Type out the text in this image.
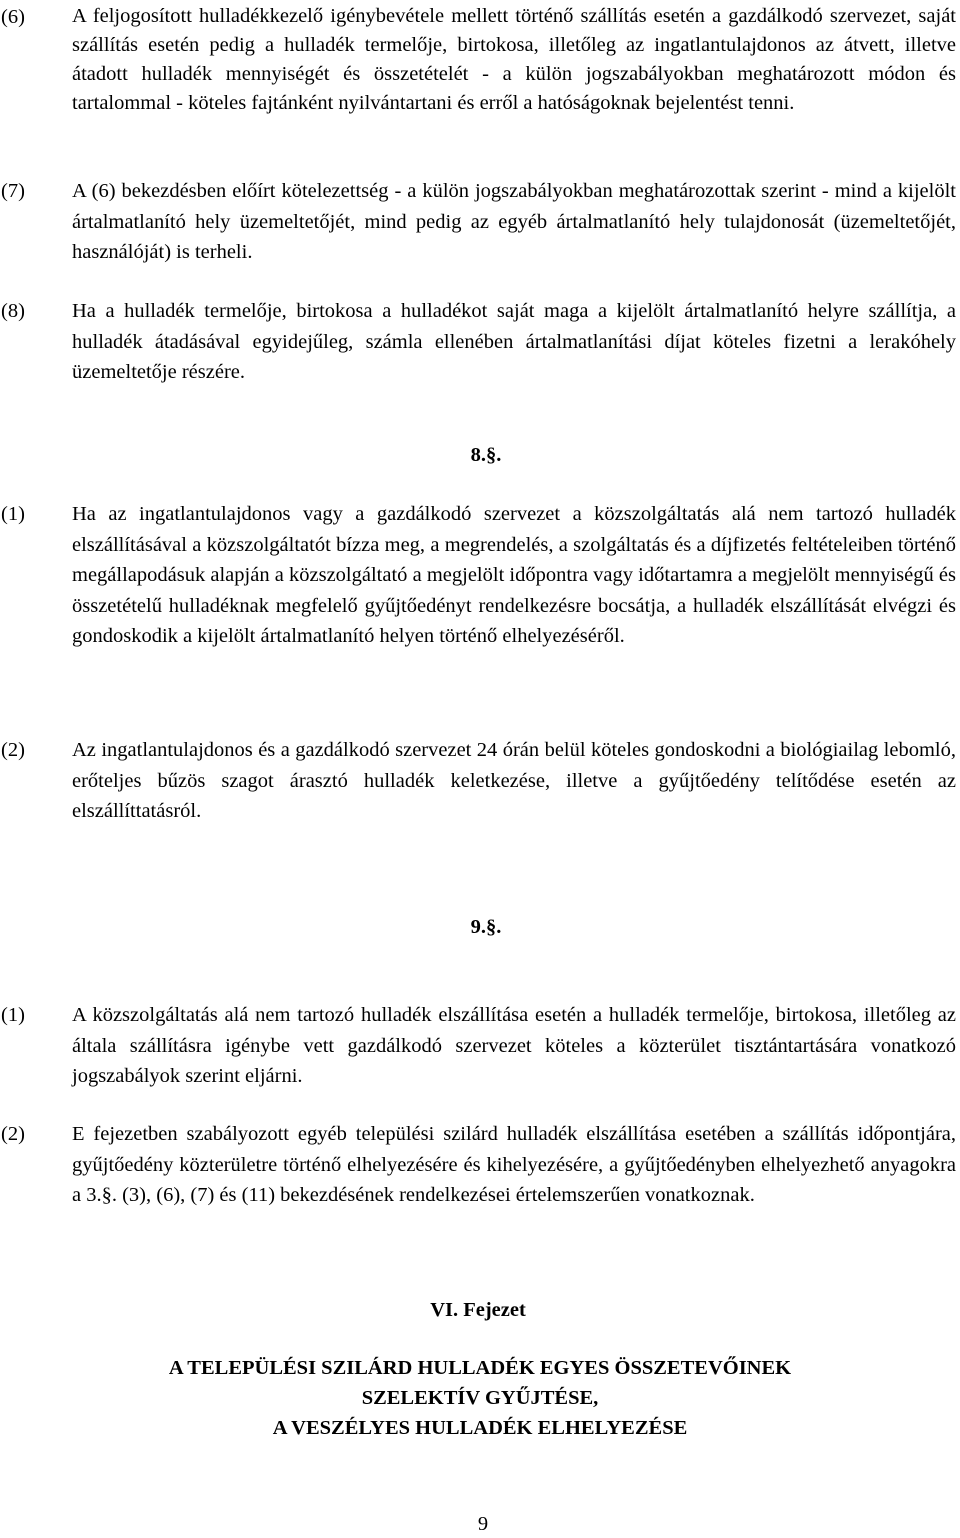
(6) A feljogosított hulladékkezelő igénybevétele mellett történő szállítás esetén a gazdálkodó szervezet, saját szállítás esetén pedig a hulladék termelője, birtokosa, illetőleg az ingatlantulajdonos az átvett, illetve átadott hulladék mennyiségét és összetételét - a külön jogszabályokban meghatározott módon és tartalommal - köteles fajtánként nyilvántartani és erről a hatóságoknak bejelentést tenni.

(7) A (6) bekezdésben előírt kötelezettség - a külön jogszabályokban meghatározottak szerint - mind a kijelölt ártalmatlanító hely üzemeltetőjét, mind pedig az egyéb ártalmatlanító hely tulajdonosát (üzemeltetőjét, használóját) is terheli.

(8) Ha a hulladék termelője, birtokosa a hulladékot saját maga a kijelölt ártalmatlanító helyre szállítja, a hulladék átadásával egyidejűleg, számla ellenében ártalmatlanítási díjat köteles fizetni a lerakóhely üzemeltetője részére.

8.§.
(1) Ha az ingatlantulajdonos vagy a gazdálkodó szervezet a közszolgáltatás alá nem tartozó hulladék elszállításával a közszolgáltatót bízza meg, a megrendelés, a szolgáltatás és a díjfizetés feltételeiben történő megállapodásuk alapján a közszolgáltató a megjelölt időpontra vagy időtartamra a megjelölt mennyiségű és összetételű hulladéknak megfelelő gyűjtőedényt rendelkezésre bocsátja, a hulladék elszállítását elvégzi és gondoskodik a kijelölt ártalmatlanító helyen történő elhelyezéséről.

(2) Az ingatlantulajdonos és a gazdálkodó szervezet 24 órán belül köteles gondoskodni a biológiailag lebomló, erőteljes bűzös szagot árasztó hulladék keletkezése, illetve a gyűjtőedény telítődése esetén az elszállíttatásról.

9.§.
(1) A közszolgáltatás alá nem tartozó hulladék elszállítása esetén a hulladék termelője, birtokosa, illetőleg az általa szállításra igénybe vett gazdálkodó szervezet köteles a közterület tisztántartására vonatkozó jogszabályok szerint eljárni.

(2) E fejezetben szabályozott egyéb települési szilárd hulladék elszállítása esetében a szállítás időpontjára, gyűjtőedény közterületre történő elhelyezésére és kihelyezésére, a gyűjtőedényben elhelyezhető anyagokra a 3.§. (3), (6), (7) és (11) bekezdésének rendelkezései értelemszerűen vonatkoznak.

VI. Fejezet
A TELEPÜLÉSI SZILÁRD HULLADÉK EGYES ÖSSZETEVŐINEK
SZELEKTÍV GYŰJTÉSE,
A VESZÉLYES HULLADÉK ELHELYEZÉSE
9
